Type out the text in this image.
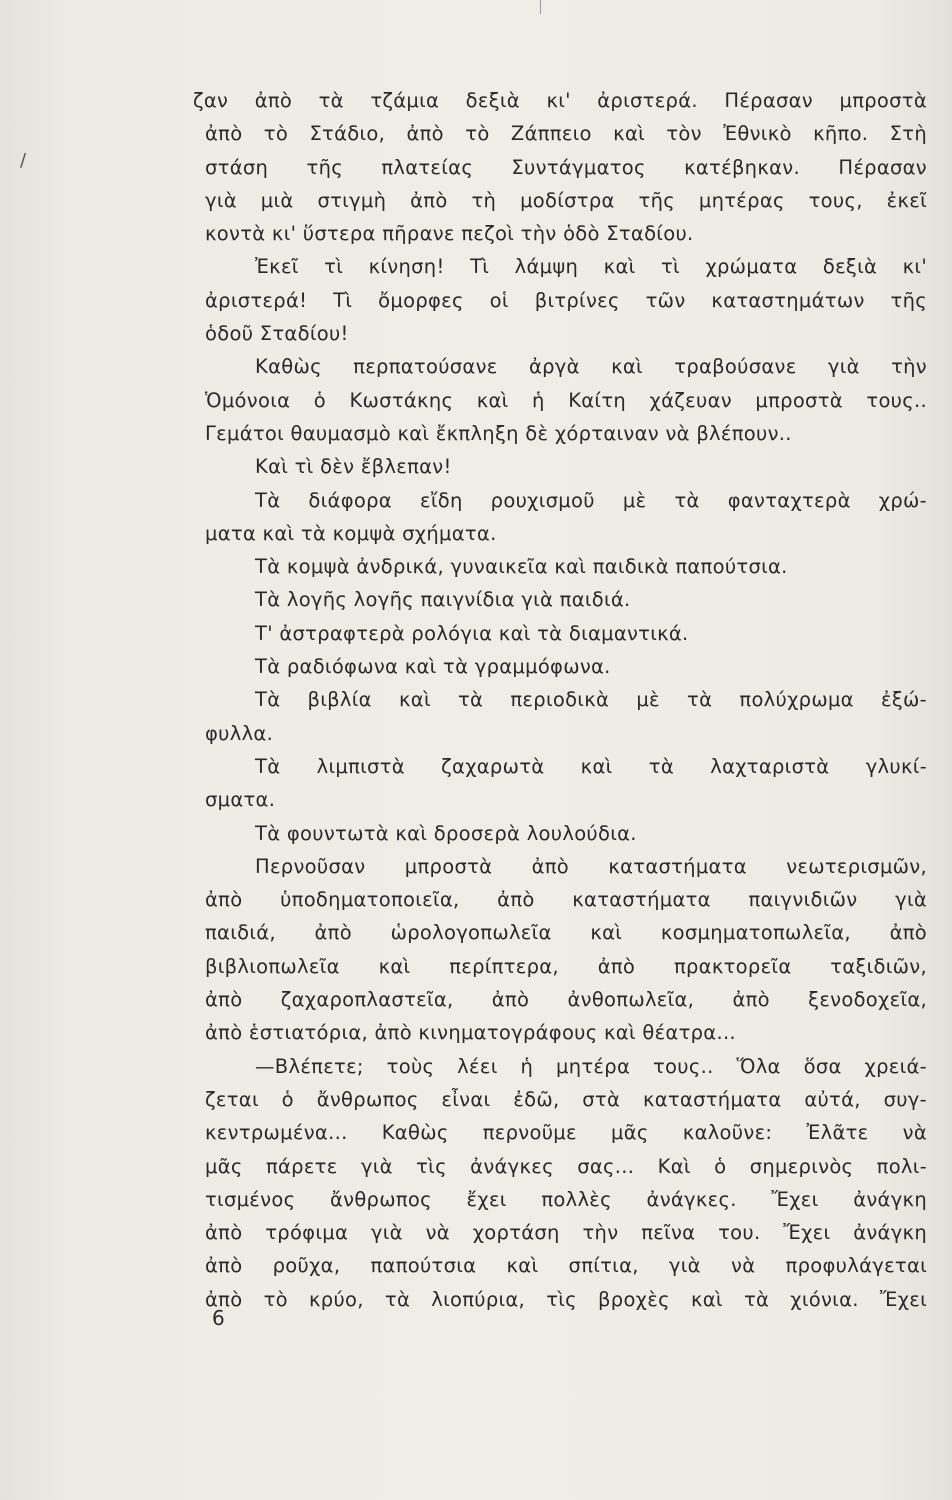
/
ζαν ἀπὸ τὰ τζάμια δεξιὰ κι' ἀριστερά. Πέρασαν μπροστὰ
ἀπὸ τὸ Στάδιο, ἀπὸ τὸ Ζάππειο καὶ τὸν Ἐθνικὸ κῆπο. Στὴ
στάση τῆς πλατείας Συντάγματος κατέβηκαν. Πέρασαν
γιὰ μιὰ στιγμὴ ἀπὸ τὴ μοδίστρα τῆς μητέρας τους, ἐκεῖ
κοντὰ κι' ὕστερα πῆρανε πεζοὶ τὴν ὁδὸ Σταδίου.
Ἐκεῖ τὶ κίνηση! Τὶ λάμψη καὶ τὶ χρώματα δεξιὰ κι'
ἀριστερά! Τὶ ὄμορφες οἱ βιτρίνες τῶν καταστημάτων τῆς
ὁδοῦ Σταδίου!
Καθὼς περπατούσανε ἀργὰ καὶ τραβούσανε γιὰ τὴν
Ὁμόνοια ὁ Κωστάκης καὶ ἡ Καίτη χάζευαν μπροστὰ τους..
Γεμάτοι θαυμασμὸ καὶ ἔκπληξη δὲ χόρταιναν νὰ βλέπουν..
Καὶ τὶ δὲν ἔβλεπαν!
Τὰ διάφορα εἴδη ρουχισμοῦ μὲ τὰ φανταχτερὰ χρώ-
ματα καὶ τὰ κομψὰ σχήματα.
Τὰ κομψὰ ἀνδρικά, γυναικεῖα καὶ παιδικὰ παπούτσια.
Τὰ λογῆς λογῆς παιγνίδια γιὰ παιδιά.
Τ' ἀστραφτερὰ ρολόγια καὶ τὰ διαμαντικά.
Τὰ ραδιόφωνα καὶ τὰ γραμμόφωνα.
Τὰ βιβλία καὶ τὰ περιοδικὰ μὲ τὰ πολύχρωμα ἐξώ-
φυλλα.
Τὰ λιμπιστὰ ζαχαρωτὰ καὶ τὰ λαχταριστὰ γλυκί-
σματα.
Τὰ φουντωτὰ καὶ δροσερὰ λουλούδια.
Περνοῦσαν μπροστὰ ἀπὸ καταστήματα νεωτερισμῶν,
ἀπὸ ὑποδηματοποιεῖα, ἀπὸ καταστήματα παιγνιδιῶν γιὰ
παιδιά, ἀπὸ ὡρολογοπωλεῖα καὶ κοσμηματοπωλεῖα, ἀπὸ
βιβλιοπωλεῖα καὶ περίπτερα, ἀπὸ πρακτορεῖα ταξιδιῶν,
ἀπὸ ζαχαροπλαστεῖα, ἀπὸ ἀνθοπωλεῖα, ἀπὸ ξενοδοχεῖα,
ἀπὸ ἑστιατόρια, ἀπὸ κινηματογράφους καὶ θέατρα...
—Βλέπετε; τοὺς λέει ἡ μητέρα τους.. Ὅλα ὅσα χρειά-
ζεται ὁ ἄνθρωπος εἶναι ἐδῶ, στὰ καταστήματα αὐτά, συγ-
κεντρωμένα... Καθὼς περνοῦμε μᾶς καλοῦνε: Ἐλᾶτε νὰ
μᾶς πάρετε γιὰ τὶς ἀνάγκες σας... Καὶ ὁ σημερινὸς πολι-
τισμένος ἄνθρωπος ἔχει πολλὲς ἀνάγκες. Ἔχει ἀνάγκη
ἀπὸ τρόφιμα γιὰ νὰ χορτάση τὴν πεῖνα του. Ἔχει ἀνάγκη
ἀπὸ ροῦχα, παπούτσια καὶ σπίτια, γιὰ νὰ προφυλάγεται
ἀπὸ τὸ κρύο, τὰ λιοπύρια, τὶς βροχὲς καὶ τὰ χιόνια. Ἔχει
6
